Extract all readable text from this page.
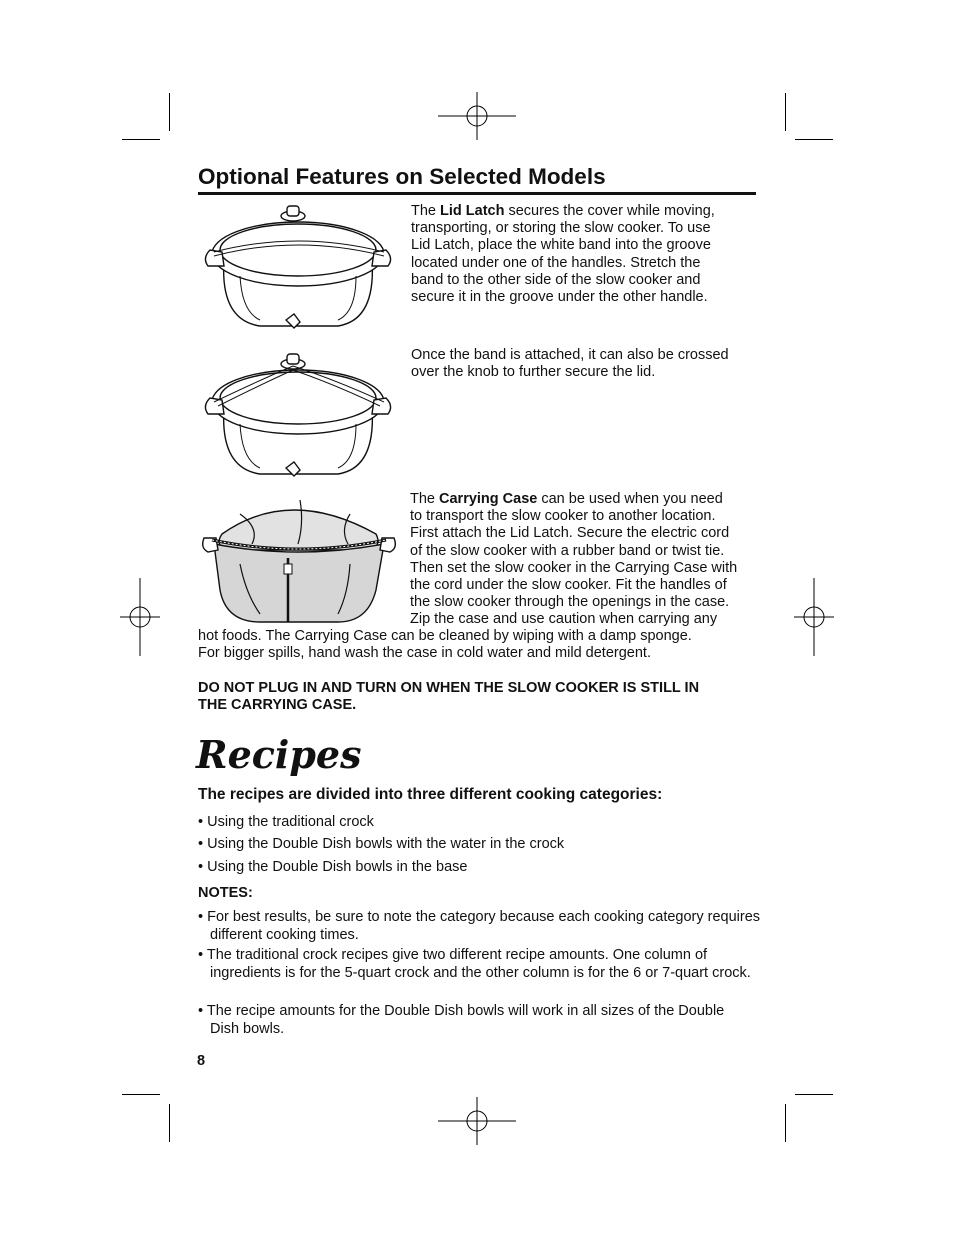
Optional Features on Selected Models
The Lid Latch secures the cover while moving,
transporting, or storing the slow cooker. To use
Lid Latch, place the white band into the groove
located under one of the handles. Stretch the
band to the other side of the slow cooker and
secure it in the groove under the other handle.
Once the band is attached, it can also be crossed
over the knob to further secure the lid.
The Carrying Case can be used when you need
to transport the slow cooker to another location.
First attach the Lid Latch. Secure the electric cord
of the slow cooker with a rubber band or twist tie.
Then set the slow cooker in the Carrying Case with
the cord under the slow cooker. Fit the handles of
the slow cooker through the openings in the case.
Zip the case and use caution when carrying any
hot foods. The Carrying Case can be cleaned by wiping with a damp sponge.
For bigger spills, hand wash the case in cold water and mild detergent.
DO NOT PLUG IN AND TURN ON WHEN THE SLOW COOKER IS STILL IN
THE CARRYING CASE.
Recipes
The recipes are divided into three different cooking categories:
• Using the traditional crock
• Using the Double Dish bowls with the water in the crock
• Using the Double Dish bowls in the base
NOTES:
• For best results, be sure to note the category because each cooking category requires different cooking times.
• The traditional crock recipes give two different recipe amounts. One column of ingredients is for the 5-quart crock and the other column is for the 6 or 7-quart crock.
• The recipe amounts for the Double Dish bowls will work in all sizes of the Double Dish bowls.
8
